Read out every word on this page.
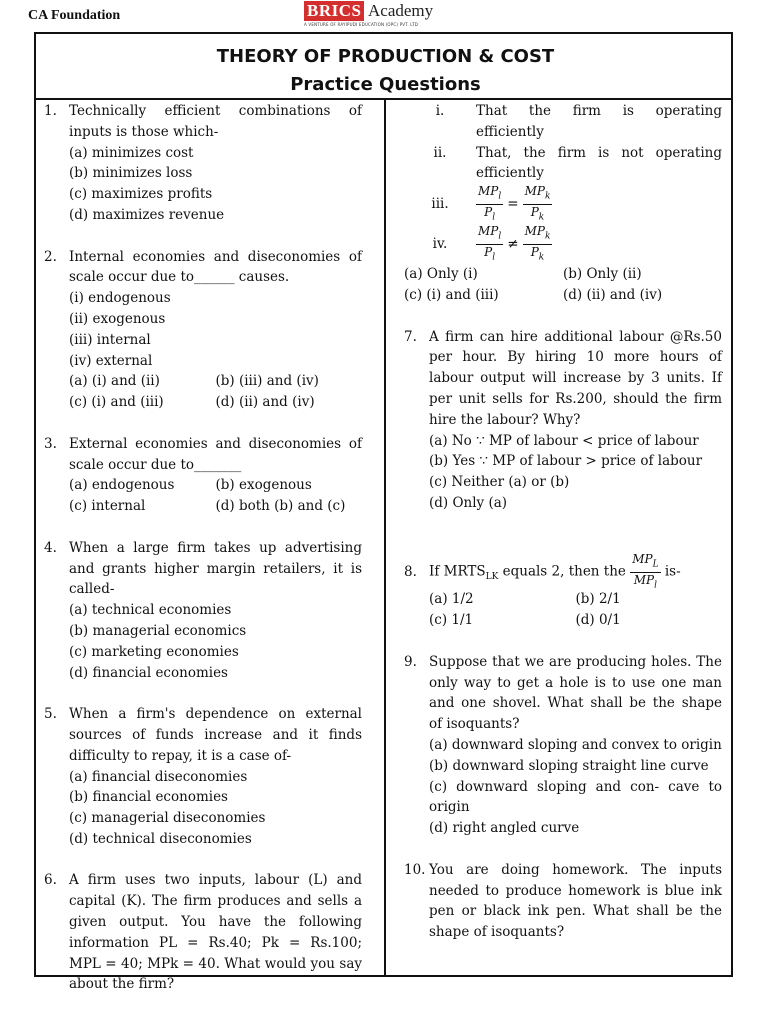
CA Foundation	BRICS Academy
A VENTURE OF RAYIPUDI EDUCATION (OPC) PVT. LTD
THEORY OF PRODUCTION & COST
Practice Questions
1. Technically efficient combinations of inputs is those which-
(a) minimizes cost
(b) minimizes loss
(c) maximizes profits
(d) maximizes revenue
2. Internal economies and diseconomies of scale occur due to______ causes.
(i) endogenous
(ii) exogenous
(iii) internal
(iv) external
(a) (i) and (ii)	(b) (iii) and (iv)
(c) (i) and (iii)	(d) (ii) and (iv)
3. External economies and diseconomies of scale occur due to_______
(a) endogenous	(b) exogenous
(c) internal	(d) both (b) and (c)
4. When a large firm takes up advertising and grants higher margin retailers, it is called-
(a) technical economies
(b) managerial economics
(c) marketing economies
(d) financial economies
5. When a firm's dependence on external sources of funds increase and it finds difficulty to repay, it is a case of-
(a) financial diseconomies
(b) financial economies
(c) managerial diseconomies
(d) technical diseconomies
6. A firm uses two inputs, labour (L) and capital (K). The firm produces and sells a given output. You have the following information PL = Rs.40; Pk = Rs.100; MPL = 40; MPk = 40. What would you say about the firm?
i.	That the firm is operating efficiently
ii.	That, the firm is not operating efficiently
iii.	$\frac{MP_l}{P_l} = \frac{MP_k}{P_k}$
iv.	$\frac{MP_l}{P_l} \ne \frac{MP_k}{P_k}$
(a) Only (i)	(b) Only (ii)
(c) (i) and (iii)	(d) (ii) and (iv)
7. A firm can hire additional labour @Rs.50 per hour. By hiring 10 more hours of labour output will increase by 3 units. If per unit sells for Rs.200, should the firm hire the labour? Why?
(a) No ∵ MP of labour < price of labour
(b) Yes ∵ MP of labour > price of labour
(c) Neither (a) or (b)
(d) Only (a)
8. If $MRTS_{LK}$ equals 2, then the $\frac{MP_L}{MP_l} is-$
(a) 1/2	(b) 2/1
(c) 1/1	(d) 0/1
9. Suppose that we are producing holes. The only way to get a hole is to use one man and one shovel. What shall be the shape of isoquants?
(a) downward sloping and convex to origin
(b) downward sloping straight line curve
(c) downward sloping and con- cave to origin
(d) right angled curve
10. You are doing homework. The inputs needed to produce homework is blue ink pen or black ink pen. What shall be the shape of isoquants?
